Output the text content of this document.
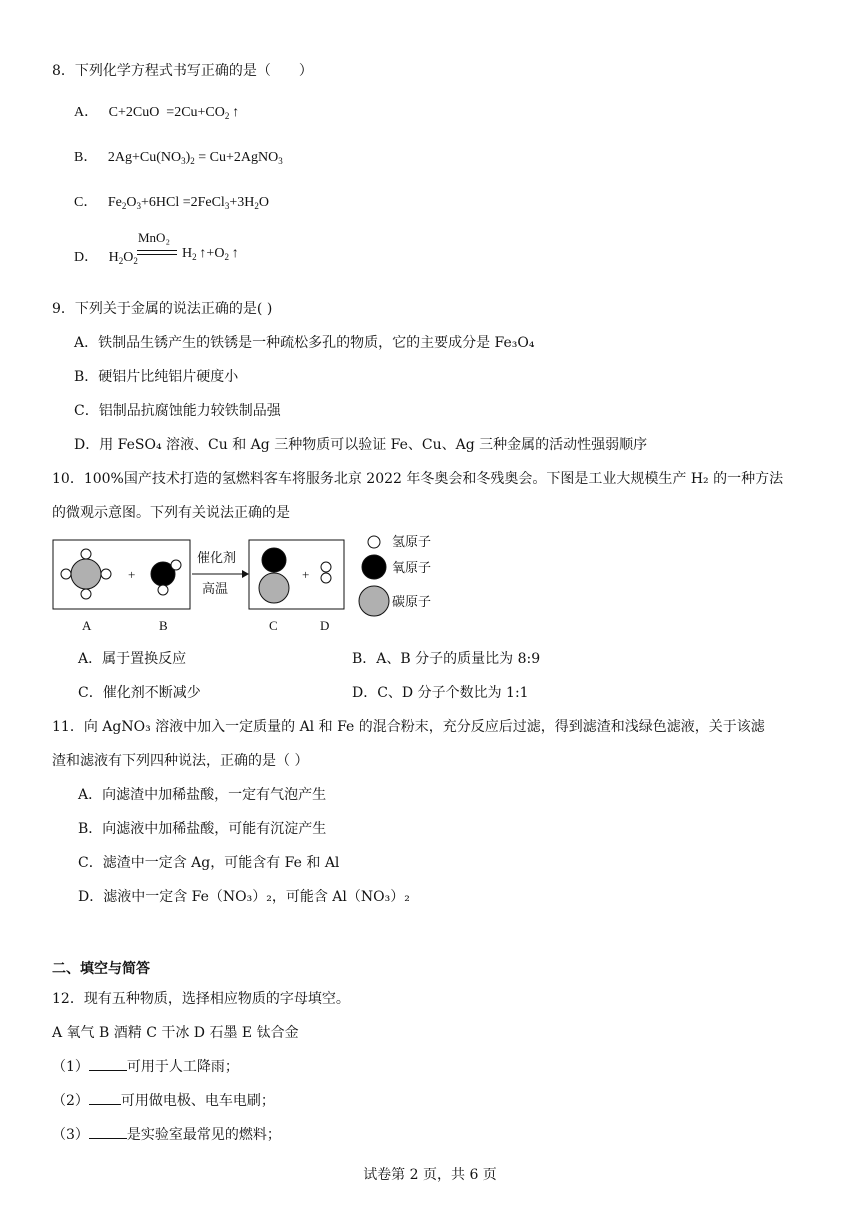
8．下列化学方程式书写正确的是（　　）
A．   $C+2CuO =2Cu+CO_2$ ↑
B．   $2Ag+Cu(NO_3)_2$ = Cu+2AgNO$_3$
C．   $Fe_2O_3+6HCl$ $=2FeCl_3+3H_2O$
D．   $H_2O_2$
MnO₂
$H_2$ $↑+O_2$ ↑
9．下列关于金属的说法正确的是( )
A．铁制品生锈产生的铁锈是一种疏松多孔的物质，它的主要成分是 Fe₃O₄
B．硬铝片比纯铝片硬度小
C．铝制品抗腐蚀能力较铁制品强
D．用 FeSO₄ 溶液、Cu 和 Ag 三种物质可以验证 Fe、Cu、Ag 三种金属的活动性强弱顺序
10．100%国产技术打造的氢燃料客车将服务北京 2022 年冬奥会和冬残奥会。下图是工业大规模生产 H₂ 的一种方法
的微观示意图。下列有关说法正确的是
+
催化剂
高温
+
氢原子
氧原子
碳原子
A	B	C	D
A．属于置换反应	B．A、B 分子的质量比为 8:9
C．催化剂不断减少	D．C、D 分子个数比为 1:1
11．向 AgNO₃ 溶液中加入一定质量的 Al 和 Fe 的混合粉末，充分反应后过滤，得到滤渣和浅绿色滤液，关于该滤
渣和滤液有下列四种说法，正确的是（ ）
A．向滤渣中加稀盐酸，一定有气泡产生
B．向滤液中加稀盐酸，可能有沉淀产生
C．滤渣中一定含 Ag，可能含有 Fe 和 Al
D．滤液中一定含 Fe（NO₃）₂，可能含 Al（NO₃）₂
二、填空与简答
12．现有五种物质，选择相应物质的字母填空。
A 氧气 B 酒精 C 干冰 D 石墨 E 钛合金
（1）	可用于人工降雨；
（2） 可用做电极、电车电刷；
（3）	是实验室最常见的燃料；
试卷第 2 页，共 6 页
